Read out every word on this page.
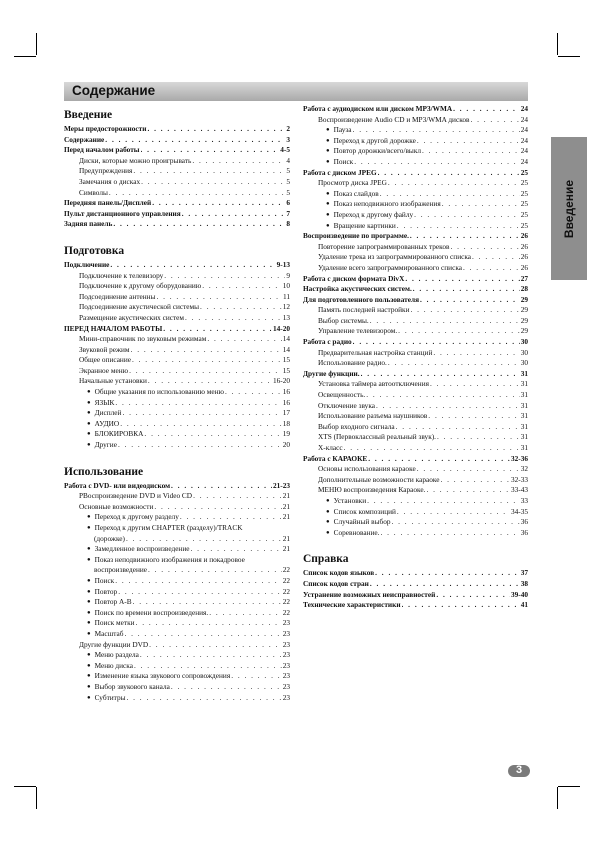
Содержание
Введение
Введение
Меры предосторожности . . .	2
Содержание . . .	3
Перед началом работы . . .	4-5
Диски, которые можно проигрывать . . .	4
Предупреждения . . .	5
Замечания о дисках . . .	5
Символы . . .	5
Передняя панель/Дисплей . . .	6
Пульт дистанционного управления . . .	7
Задняя панель . . .	8
Подготовка
Подключение . . .	9-13
Подключение к телевизору . . .	9
Подключение к другому оборудованию . . .	10
Подсоединение антенны . . .	11
Подсоединение акустической системы . . .	12
Размещение акустических систем . . .	13
ПЕРЕД НАЧАЛОМ РАБОТЫ . . .	14-20
Мини-справочник по звуковым режимам . . .	14
Звуковой режим . . .	14
Общее описание . . .	15
Экранное меню . . .	15
Начальные установки . . .	16-20
● Общие указания по использованию меню . . .	16
● ЯЗЫК . . .	16
● Дисплей . . .	17
● АУДИО . . .	18
● БЛОКИРОВКА . . .	19
● Другие . . .	20
Использование
Работа с DVD- или видеодиском . . .	21-23
PВоспроизведение DVD и Video CD . . .	21
Основные возможности . . .	21
● Переход к другому разделу . . .	21
● Переход к другим CHAPTER (разделу)/TRACK
(дорожке) . . .	21
● Замедленное воспроизведение . . .	21
● Показ неподвижного изображения и покадровое
воспроизведение . . .	22
● Поиск . . .	22
● Повтор . . .	22
● Повтор A-B . . .	22
● Поиск по времени воспроизведения. . . .	22
● Поиск метки . . .	23
● Масштаб . . .	23
Другие функции DVD . . .	23
● Меню раздела . . .	23
● Меню диска . . .	23
● Изменение языка звукового сопровождения . . .	23
● Выбор звукового канала . . .	23
● Субтитры . . .	23
Работа с аудиодиском или диском MP3/WMA . . .	24
Воспроизведение Audio CD и MP3/WMA дисков . . .	24
● Пауза . . .	24
● Переход к другой дорожке . . .	24
● Повтор дорожки/всего/выкл . . .	24
● Поиск . . .	24
Работа с диском JPEG . . .	25
Просмотр диска JPEG . . .	25
● Показ слайдов . . .	25
● Показ неподвижного изображения . . .	25
● Переход к другому файлу . . .	25
● Вращение картинки . . .	25
Воспроизведение по программе. . . .	26
Повторение запрограммированных треков . . .	26
Удаление трека из запрограммированного списка . . .	26
Удаление всего запрограммированного списка . . .	26
Работа с диском формата DivX . . .	27
Настройка акустических систем. . . .	28
Для подготовленного пользователя . . .	29
Память последней настройки . . .	29
Выбор системы. . . .	29
Управление телевизором. . . .	29
Работа с радио . . .	30
Предварительная настройка станций . . .	30
Использование радио. . . .	30
Другие функции. . . .	31
Установка таймера автоотключения . . .	31
Освещенность. . . .	31
Отключение звука . . .	31
Использование разъема наушников . . .	31
Выбор входного сигнала . . .	31
XTS (Первоклассный реальный звук). . . .	31
X-класс . . .	31
Работа с КАРАОКЕ . . .	32-36
Основы использования караоке . . .	32
Дополнительные возможности караоке . . .	32-33
МЕНЮ воспроизведения Караоке. . . .	33-43
● Установки . . .	33
● Список композиций . . .	34-35
● Случайный выбор . . .	36
● Соревнование. . . .	36
Справка
Список кодов языков . . .	37
Список кодов стран . . .	38
Устранение возможных неисправностей . . .	39-40
Технические характеристики . . .	41
3
